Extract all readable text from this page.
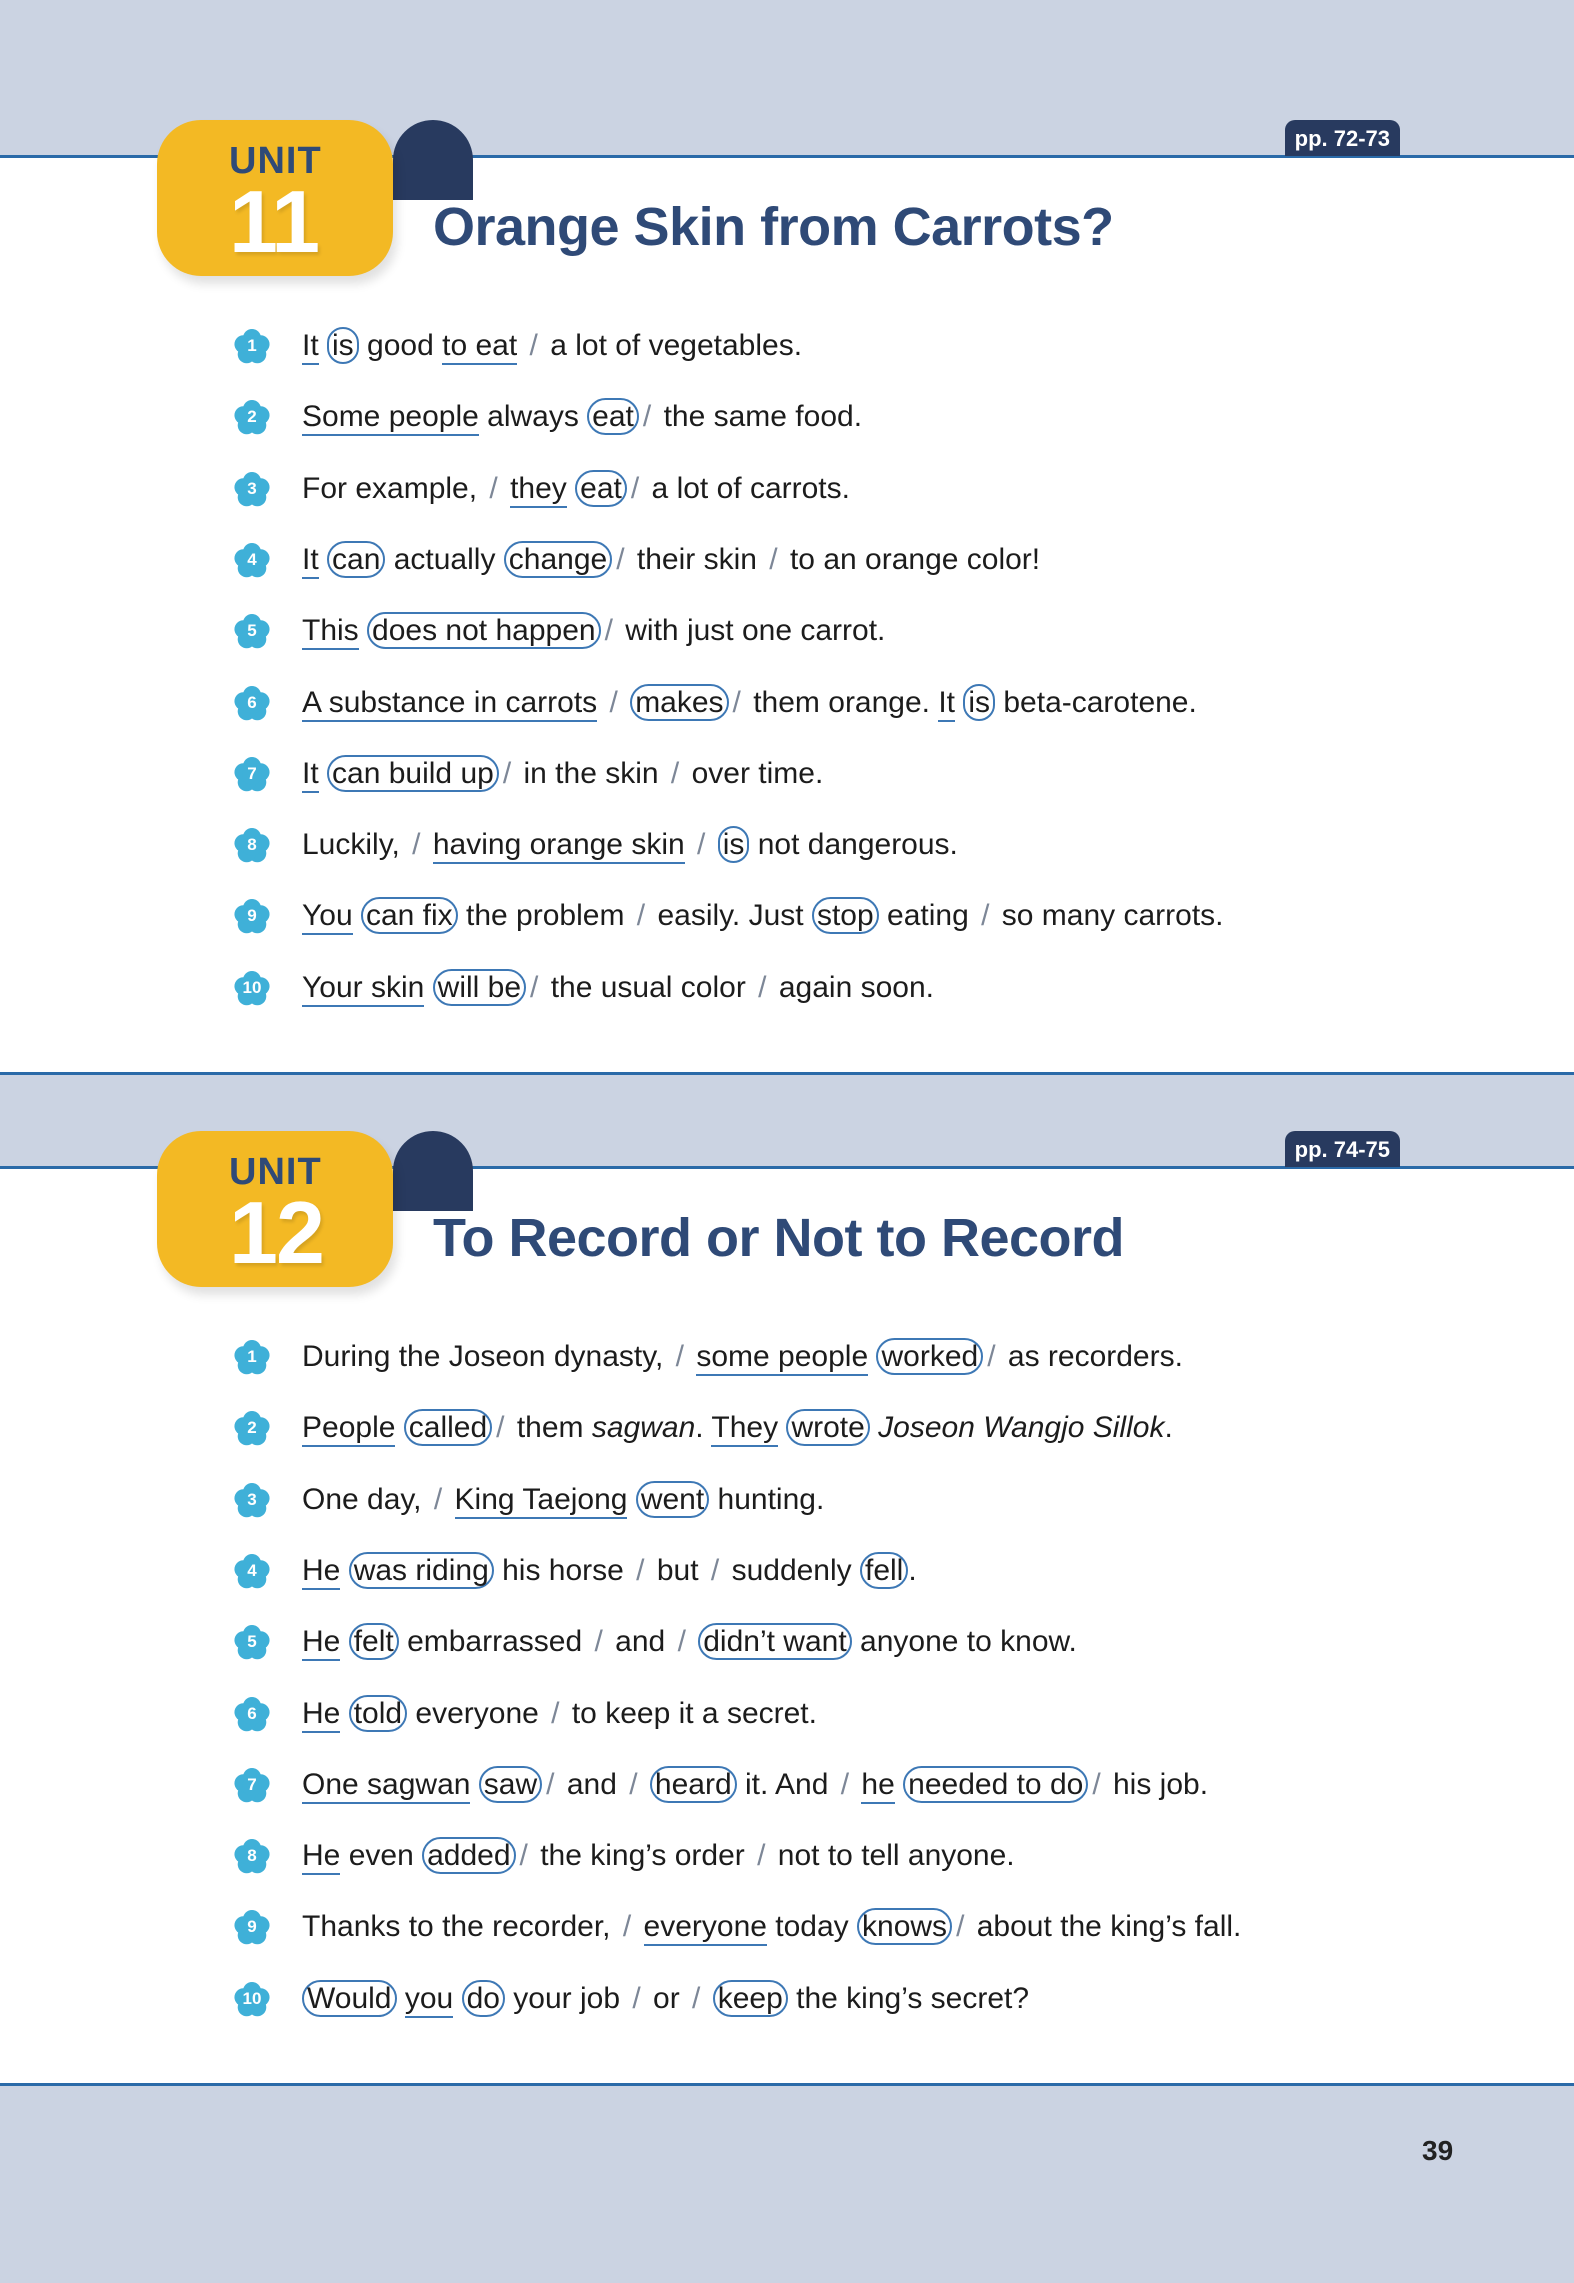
pp. 72-73
UNIT
11 Orange Skin from Carrots?
1	It is good to eat / a lot of vegetables.
2	Some people always eat / the same food.
3	For example, / they eat / a lot of carrots.
4	It can actually change / their skin / to an orange color!
5	This does not happen / with just one carrot.
6	A substance in carrots / makes / them orange. It is beta-carotene.
7	It can build up / in the skin / over time.
8	Luckily, / having orange skin / is not dangerous.
9	You can fix the problem / easily. Just stop eating / so many carrots.
10	Your skin will be / the usual color / again soon.
pp. 74-75
UNIT
12 To Record or Not to Record
1	During the Joseon dynasty, / some people worked / as recorders.
2	People called / them sagwan. They wrote Joseon Wangjo Sillok.
3	One day, / King Taejong went hunting.
4	He was riding his horse / but / suddenly fell .
5	He felt embarrassed / and / didn’t want anyone to know.
6	He told everyone / to keep it a secret.
7	One sagwan saw / and / heard it. And / he needed to do / his job.
8	He even added / the king’s order / not to tell anyone.
9	Thanks to the recorder, / everyone today knows / about the king’s fall.
10	Would you do your job / or / keep the king’s secret?
39
